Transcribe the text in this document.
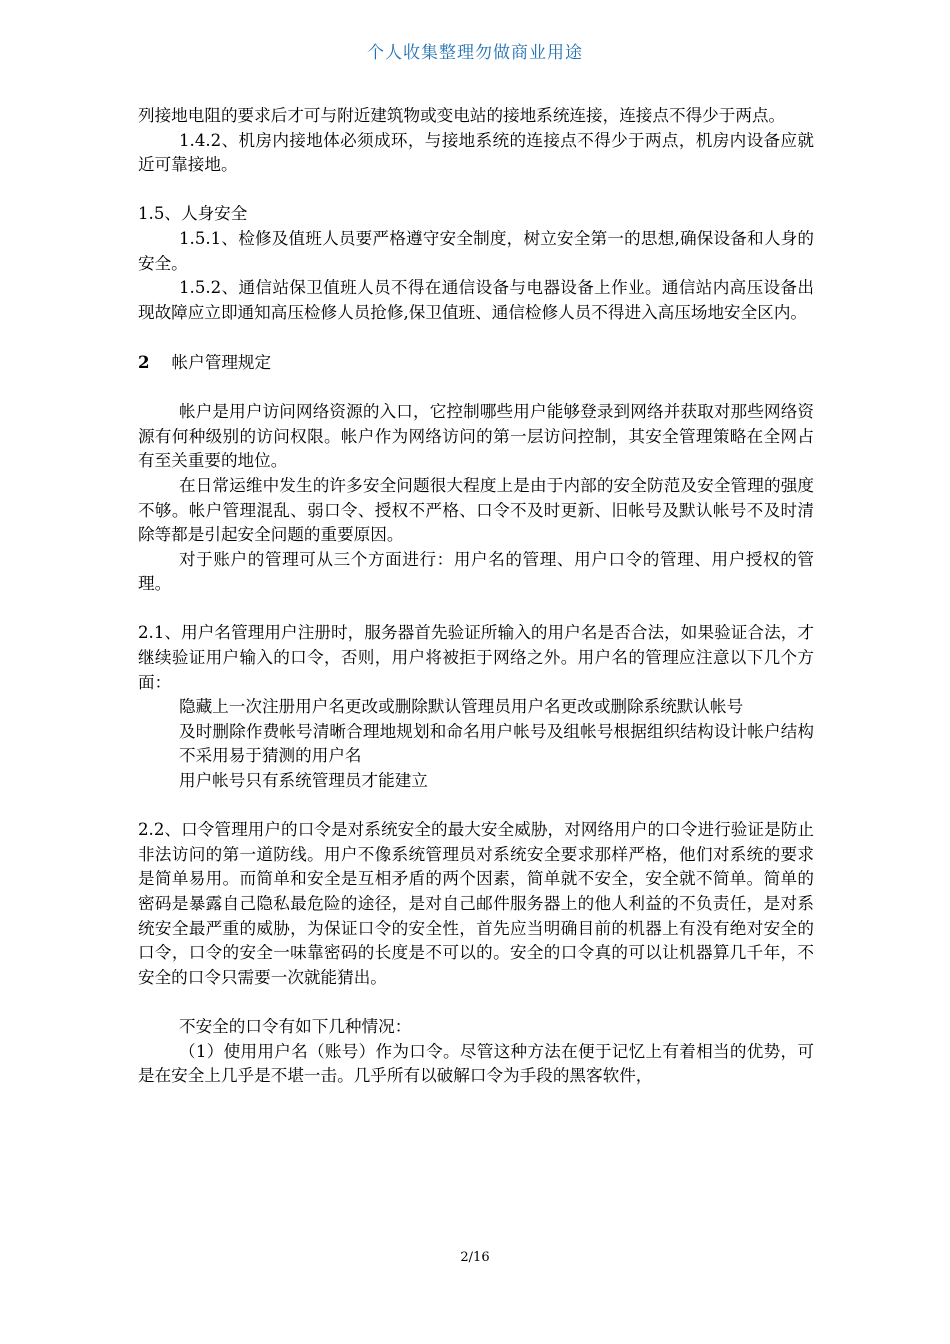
个人收集整理勿做商业用途

列接地电阻的要求后才可与附近建筑物或变电站的接地系统连接，连接点不得少于两点。

1.4.2、机房内接地体必须成环，与接地系统的连接点不得少于两点，机房内设备应就近可靠接地。

1.5、人身安全

1.5.1、检修及值班人员要严格遵守安全制度，树立安全第一的思想,确保设备和人身的安全。

1.5.2、通信站保卫值班人员不得在通信设备与电器设备上作业。通信站内高压设备出现故障应立即通知高压检修人员抢修,保卫值班、通信检修人员不得进入高压场地安全区内。

2 帐户管理规定

帐户是用户访问网络资源的入口，它控制哪些用户能够登录到网络并获取对那些网络资源有何种级别的访问权限。帐户作为网络访问的第一层访问控制，其安全管理策略在全网占有至关重要的地位。

在日常运维中发生的许多安全问题很大程度上是由于内部的安全防范及安全管理的强度不够。帐户管理混乱、弱口令、授权不严格、口令不及时更新、旧帐号及默认帐号不及时清除等都是引起安全问题的重要原因。

对于账户的管理可从三个方面进行：用户名的管理、用户口令的管理、用户授权的管理。

2.1、用户名管理用户注册时，服务器首先验证所输入的用户名是否合法，如果验证合法，才继续验证用户输入的口令，否则，用户将被拒于网络之外。用户名的管理应注意以下几个方面：

隐藏上一次注册用户名更改或删除默认管理员用户名更改或删除系统默认帐号

及时删除作费帐号清晰合理地规划和命名用户帐号及组帐号根据组织结构设计帐户结构不采用易于猜测的用户名

用户帐号只有系统管理员才能建立

2.2、口令管理用户的口令是对系统安全的最大安全威胁，对网络用户的口令进行验证是防止非法访问的第一道防线。用户不像系统管理员对系统安全要求那样严格，他们对系统的要求是简单易用。而简单和安全是互相矛盾的两个因素，简单就不安全，安全就不简单。简单的密码是暴露自己隐私最危险的途径，是对自己邮件服务器上的他人利益的不负责任，是对系统安全最严重的威胁，为保证口令的安全性，首先应当明确目前的机器上有没有绝对安全的口令，口令的安全一味靠密码的长度是不可以的。安全的口令真的可以让机器算几千年，不安全的口令只需要一次就能猜出。

不安全的口令有如下几种情况：

（1）使用用户名（账号）作为口令。尽管这种方法在便于记忆上有着相当的优势，可是在安全上几乎是不堪一击。几乎所有以破解口令为手段的黑客软件，

2/16
